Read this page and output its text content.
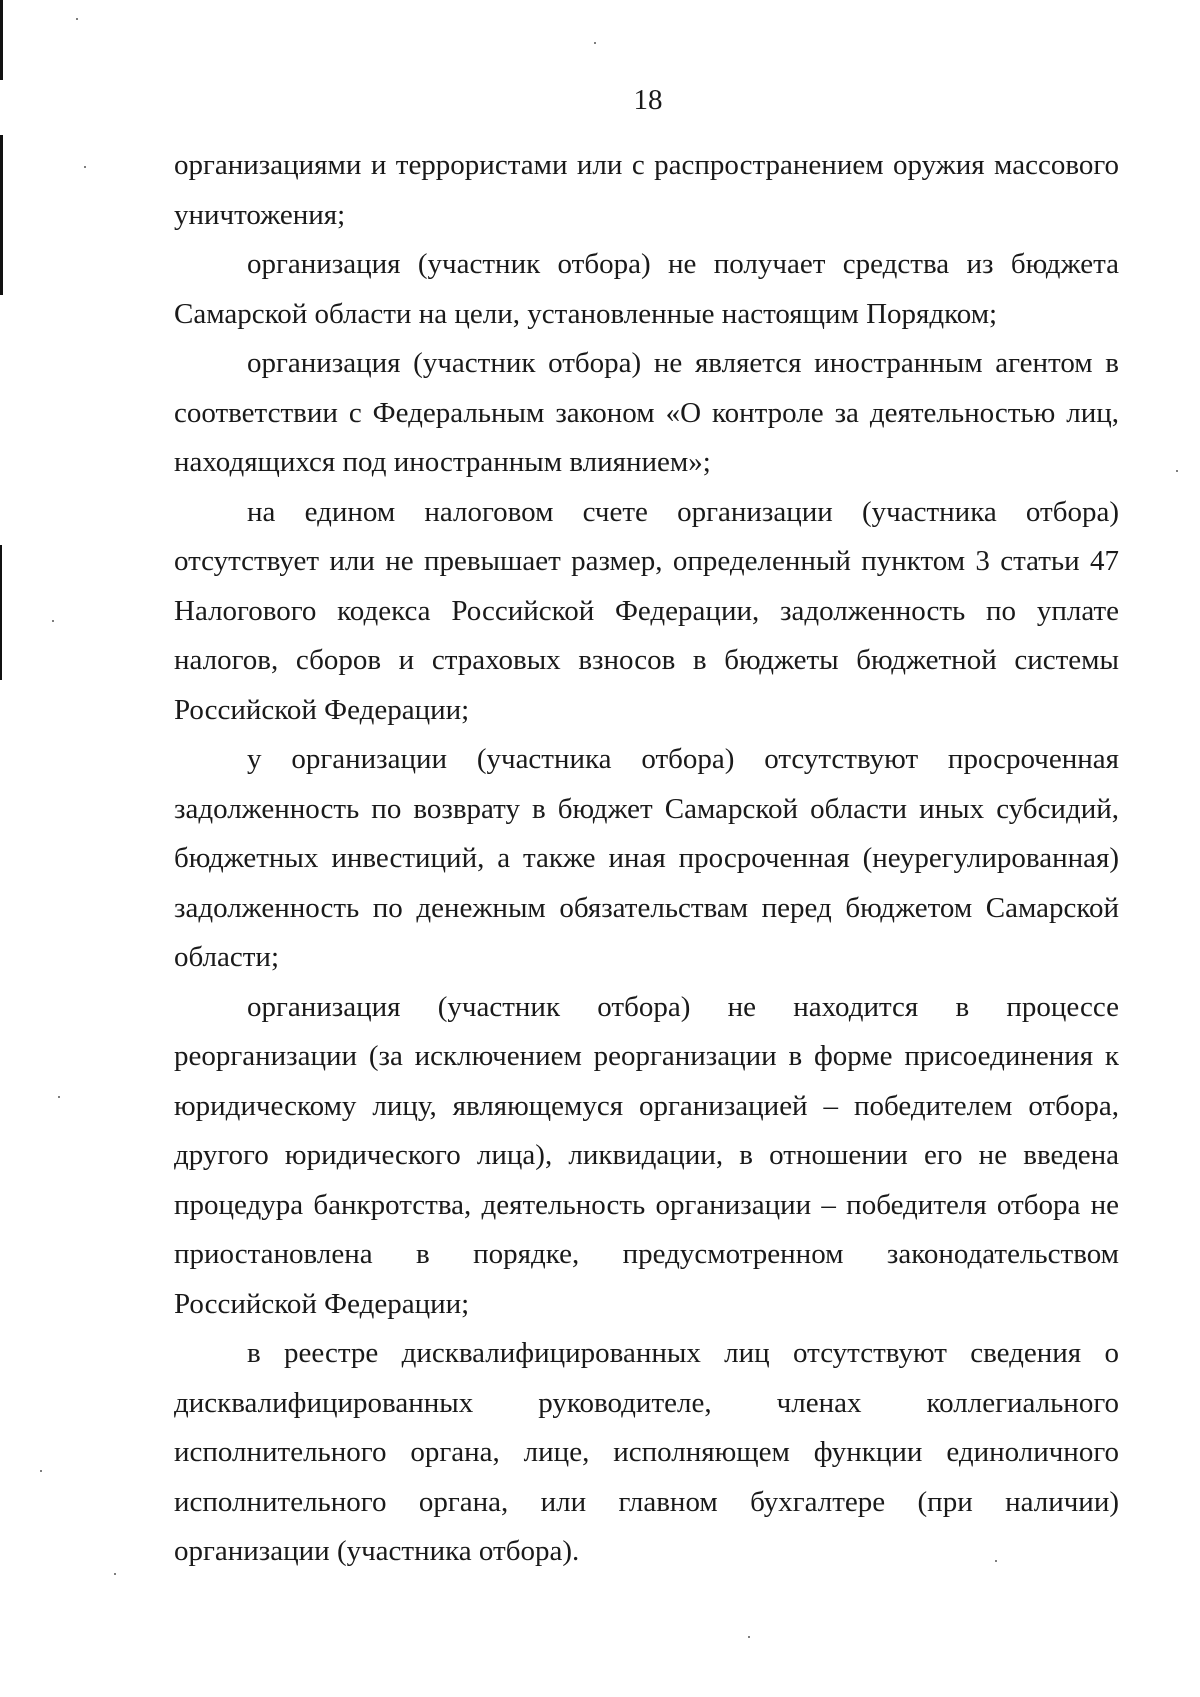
18

организациями и террористами или с распространением оружия массового уничтожения;

организация (участник отбора) не получает средства из бюджета Самарской области на цели, установленные настоящим Порядком;

организация (участник отбора) не является иностранным агентом в соответствии с Федеральным законом «О контроле за деятельностью лиц, находящихся под иностранным влиянием»;

на едином налоговом счете организации (участника отбора) отсутствует или не превышает размер, определенный пунктом 3 статьи 47 Налогового кодекса Российской Федерации, задолженность по уплате налогов, сборов и страховых взносов в бюджеты бюджетной системы Российской Федерации;

у организации (участника отбора) отсутствуют просроченная задолженность по возврату в бюджет Самарской области иных субсидий, бюджетных инвестиций, а также иная просроченная (неурегулированная) задолженность по денежным обязательствам перед бюджетом Самарской области;

организация (участник отбора) не находится в процессе реорганизации (за исключением реорганизации в форме присоединения к юридическому лицу, являющемуся организацией – победителем отбора, другого юридического лица), ликвидации, в отношении его не введена процедура банкротства, деятельность организации – победителя отбора не приостановлена в порядке, предусмотренном законодательством Российской Федерации;

в реестре дисквалифицированных лиц отсутствуют сведения о дисквалифицированных руководителе, членах коллегиального исполнительного органа, лице, исполняющем функции единоличного исполнительного органа, или главном бухгалтере (при наличии) организации (участника отбора).
